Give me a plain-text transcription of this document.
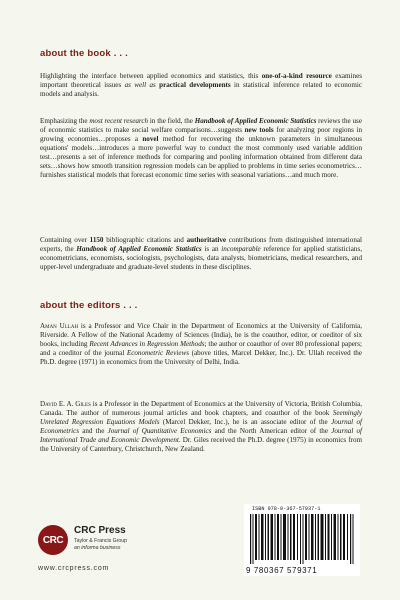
about the book . . .

Highlighting the interface between applied economics and statistics, this one-of-a-kind resource examines important theoretical issues as well as practical developments in statistical inference related to economic models and analysis.

Emphasizing the most recent research in the field, the Handbook of Applied Economic Statistics reviews the use of economic statistics to make social welfare comparisons…suggests new tools for analyzing poor regions in growing economies…proposes a novel method for recovering the unknown parameters in simultaneous equations' models…introduces a more powerful way to conduct the most commonly used variable addition test…presents a set of inference methods for comparing and pooling information obtained from different data sets…shows how smooth transition regression models can be applied to problems in time series econometrics…furnishes statistical models that forecast economic time series with seasonal variations…and much more.

Containing over 1150 bibliographic citations and authoritative contributions from distinguished international experts, the Handbook of Applied Economic Statistics is an incomparable reference for applied statisticians, econometricians, economists, sociologists, psychologists, data analysts, biometricians, medical researchers, and upper-level undergraduate and graduate-level students in these disciplines.

about the editors . . .

Aman Ullah is a Professor and Vice Chair in the Department of Economics at the University of California, Riverside. A Fellow of the National Academy of Sciences (India), he is the coauthor, editor, or coeditor of six books, including Recent Advances in Regression Methods; the author or coauthor of over 80 professional papers; and a coeditor of the journal Econometric Reviews (above titles, Marcel Dekker, Inc.). Dr. Ullah received the Ph.D. degree (1971) in economics from the University of Delhi, India.

David E. A. Giles is a Professor in the Department of Economics at the University of Victoria, British Columbia, Canada. The author of numerous journal articles and book chapters, and coauthor of the book Seemingly Unrelated Regression Equations Models (Marcel Dekker, Inc.), he is an associate editor of the Journal of Econometrics and the Journal of Quantitative Economics and the North American editor of the Journal of International Trade and Economic Development. Dr. Giles received the Ph.D. degree (1975) in economics from the University of Canterbury, Christchurch, New Zealand.

CRC
CRC Press
Taylor & Francis Group
an informa business
www.crcpress.com
ISBN 978-0-367-57937-1
9 780367 579371
